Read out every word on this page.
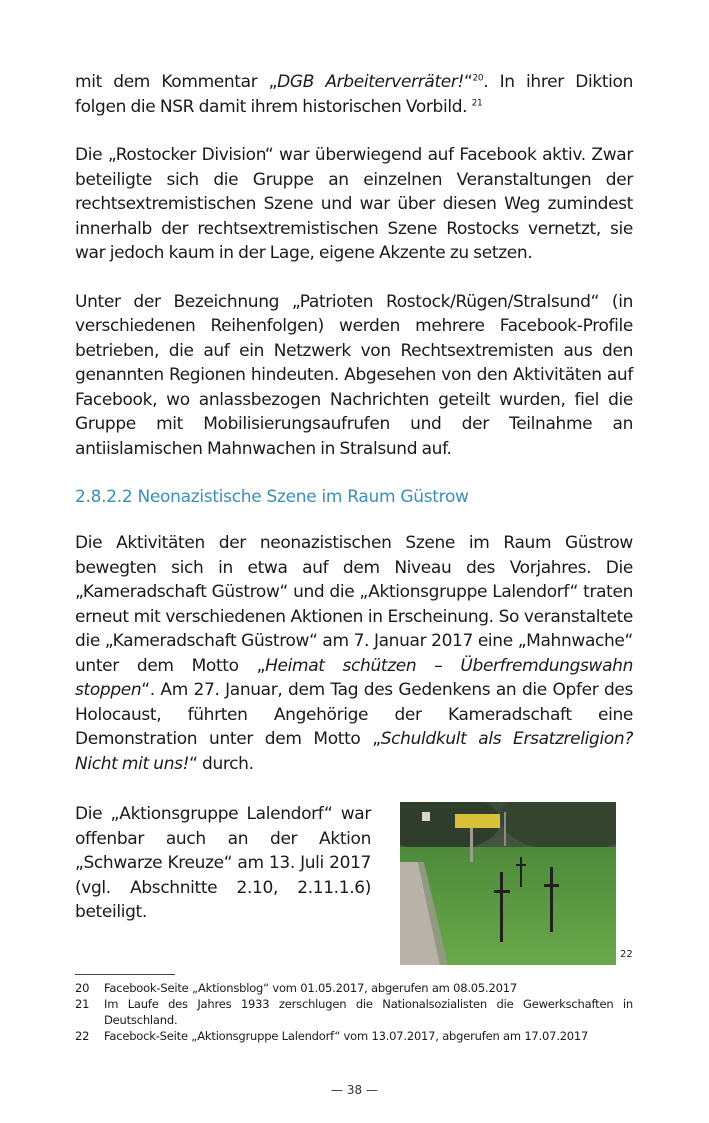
mit dem Kommentar „DGB Arbeiterverräter!“$^{20}$. In ihrer Diktion folgen die NSR damit ihrem historischen Vorbild. $^{21}$

Die „Rostocker Division“ war überwiegend auf Facebook aktiv. Zwar beteiligte sich die Gruppe an einzelnen Veranstaltungen der rechtsextremistischen Szene und war über diesen Weg zumindest innerhalb der rechtsextremistischen Szene Rostocks vernetzt, sie war jedoch kaum in der Lage, eigene Akzente zu setzen.

Unter der Bezeichnung „Patrioten Rostock/Rügen/Stralsund“ (in verschiedenen Reihenfolgen) werden mehrere Facebook-Profile betrieben, die auf ein Netzwerk von Rechtsextremisten aus den genannten Regionen hindeuten. Abgesehen von den Aktivitäten auf Facebook, wo anlassbezogen Nachrichten geteilt wurden, fiel die Gruppe mit Mobilisierungsaufrufen und der Teilnahme an antiislamischen Mahnwachen in Stralsund auf.

2.8.2.2 Neonazistische Szene im Raum Güstrow

Die Aktivitäten der neonazistischen Szene im Raum Güstrow bewegten sich in etwa auf dem Niveau des Vorjahres. Die „Kameradschaft Güstrow“ und die „Aktionsgruppe Lalendorf“ traten erneut mit verschiedenen Aktionen in Erscheinung. So veranstaltete die „Kameradschaft Güstrow“ am 7. Januar 2017 eine „Mahnwache“ unter dem Motto „Heimat schützen – Überfremdungswahn stoppen“. Am 27. Januar, dem Tag des Gedenkens an die Opfer des Holocaust, führten Angehörige der Kameradschaft eine Demonstration unter dem Motto „Schuldkult als Ersatzreligion? Nicht mit uns!“ durch.

Die „Aktionsgruppe Lalendorf“ war offenbar auch an der Aktion „Schwarze Kreuze“ am 13. Juli 2017 (vgl. Abschnitte 2.10, 2.11.1.6) beteiligt.
22
20	Facebook-Seite „Aktionsblog“ vom 01.05.2017, abgerufen am 08.05.2017
21	Im Laufe des Jahres 1933 zerschlugen die Nationalsozialisten die Gewerkschaften in Deutschland.
22	Facebock-Seite „Aktionsgruppe Lalendorf“ vom 13.07.2017, abgerufen am 17.07.2017
— 38 —
